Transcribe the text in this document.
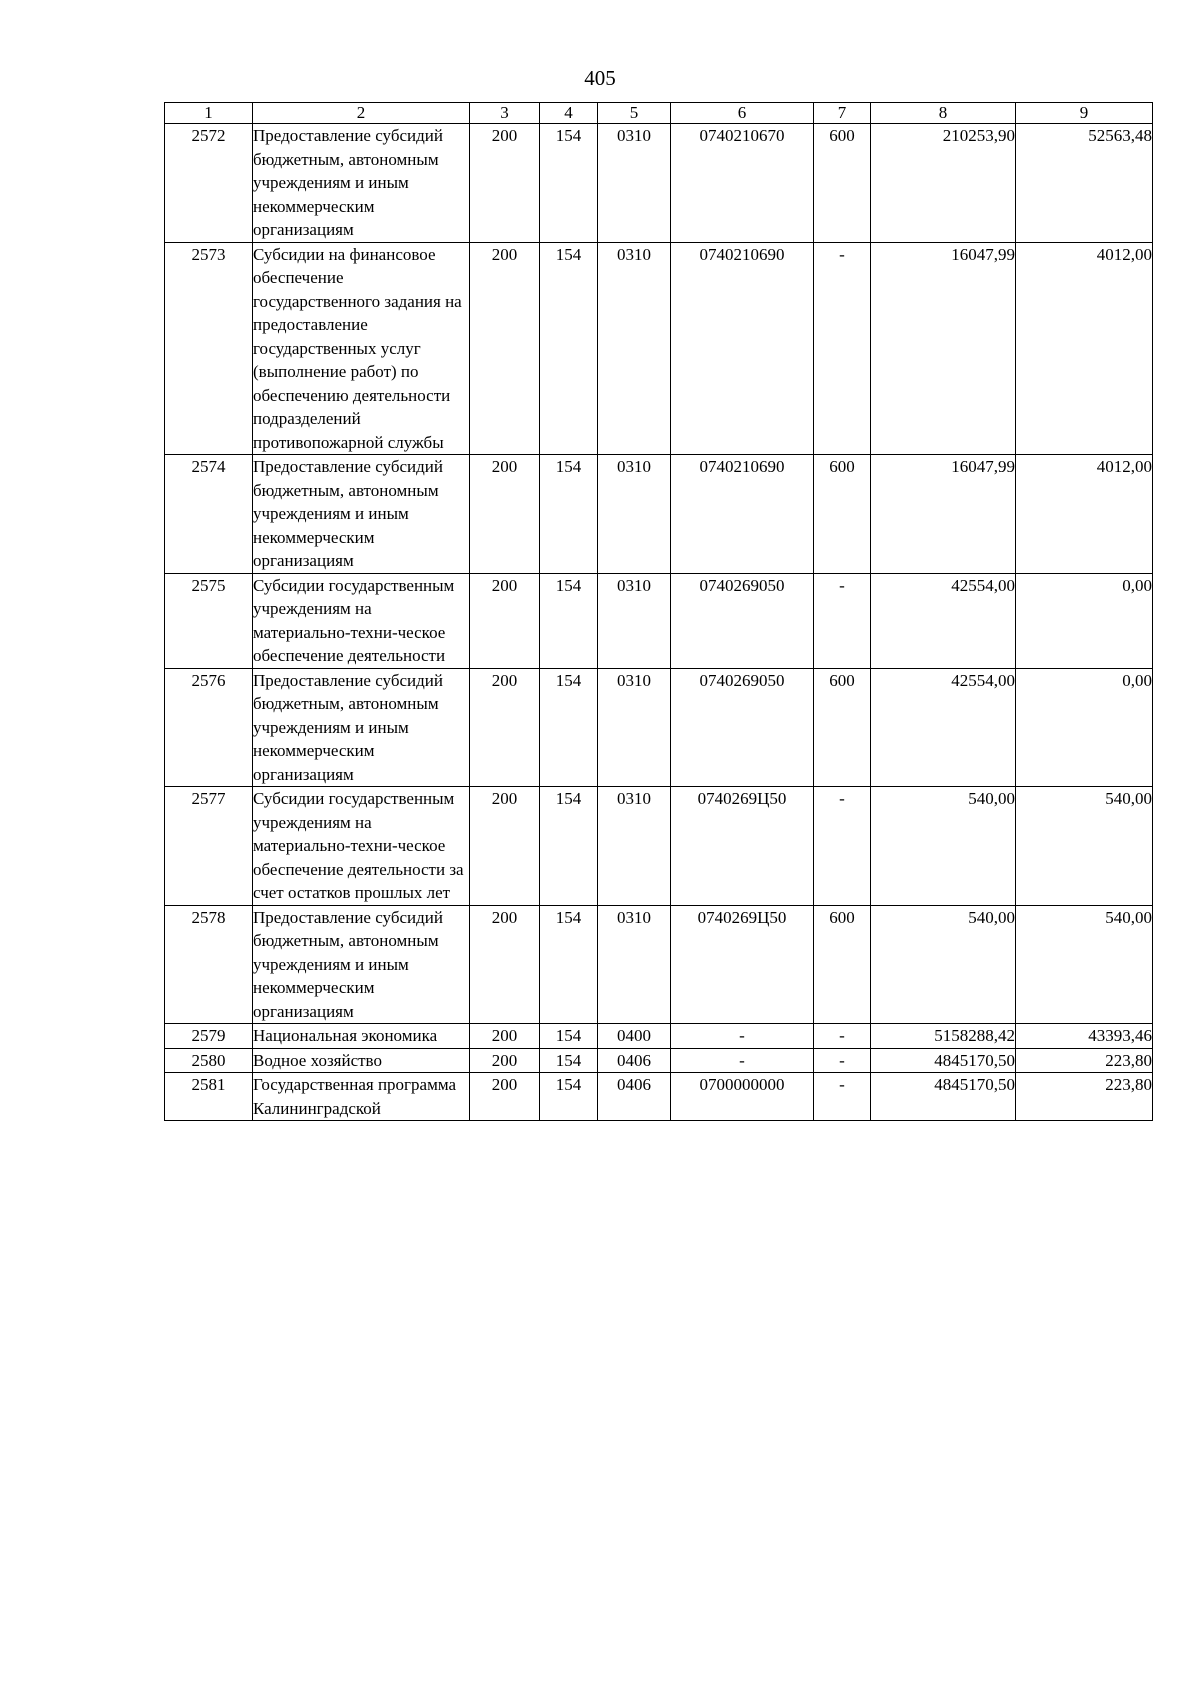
405
1	2	3	4	5	6	7	8	9
2572	Предоставление субсидий бюджетным, автономным учреждениям и иным некоммерческим организациям	200	154	0310	0740210670	600	210253,90	52563,48
2573	Субсидии на финансовое обеспечение государственного задания на предоставление государственных услуг (выполнение работ) по обеспечению деятельности подразделений противопожарной службы	200	154	0310	0740210690	-	16047,99	4012,00
2574	Предоставление субсидий бюджетным, автономным учреждениям и иным некоммерческим организациям	200	154	0310	0740210690	600	16047,99	4012,00
2575	Субсидии государственным учреждениям на материально-техни-ческое обеспечение деятельности	200	154	0310	0740269050	-	42554,00	0,00
2576	Предоставление субсидий бюджетным, автономным учреждениям и иным некоммерческим организациям	200	154	0310	0740269050	600	42554,00	0,00
2577	Субсидии государственным учреждениям на материально-техни-ческое обеспечение деятельности за счет остатков прошлых лет	200	154	0310	0740269Ц50	-	540,00	540,00
2578	Предоставление субсидий бюджетным, автономным учреждениям и иным некоммерческим организациям	200	154	0310	0740269Ц50	600	540,00	540,00
2579	Национальная экономика	200	154	0400	-	-	5158288,42	43393,46
2580	Водное хозяйство	200	154	0406	-	-	4845170,50	223,80
2581	Государственная программа Калининградской	200	154	0406	0700000000	-	4845170,50	223,80
